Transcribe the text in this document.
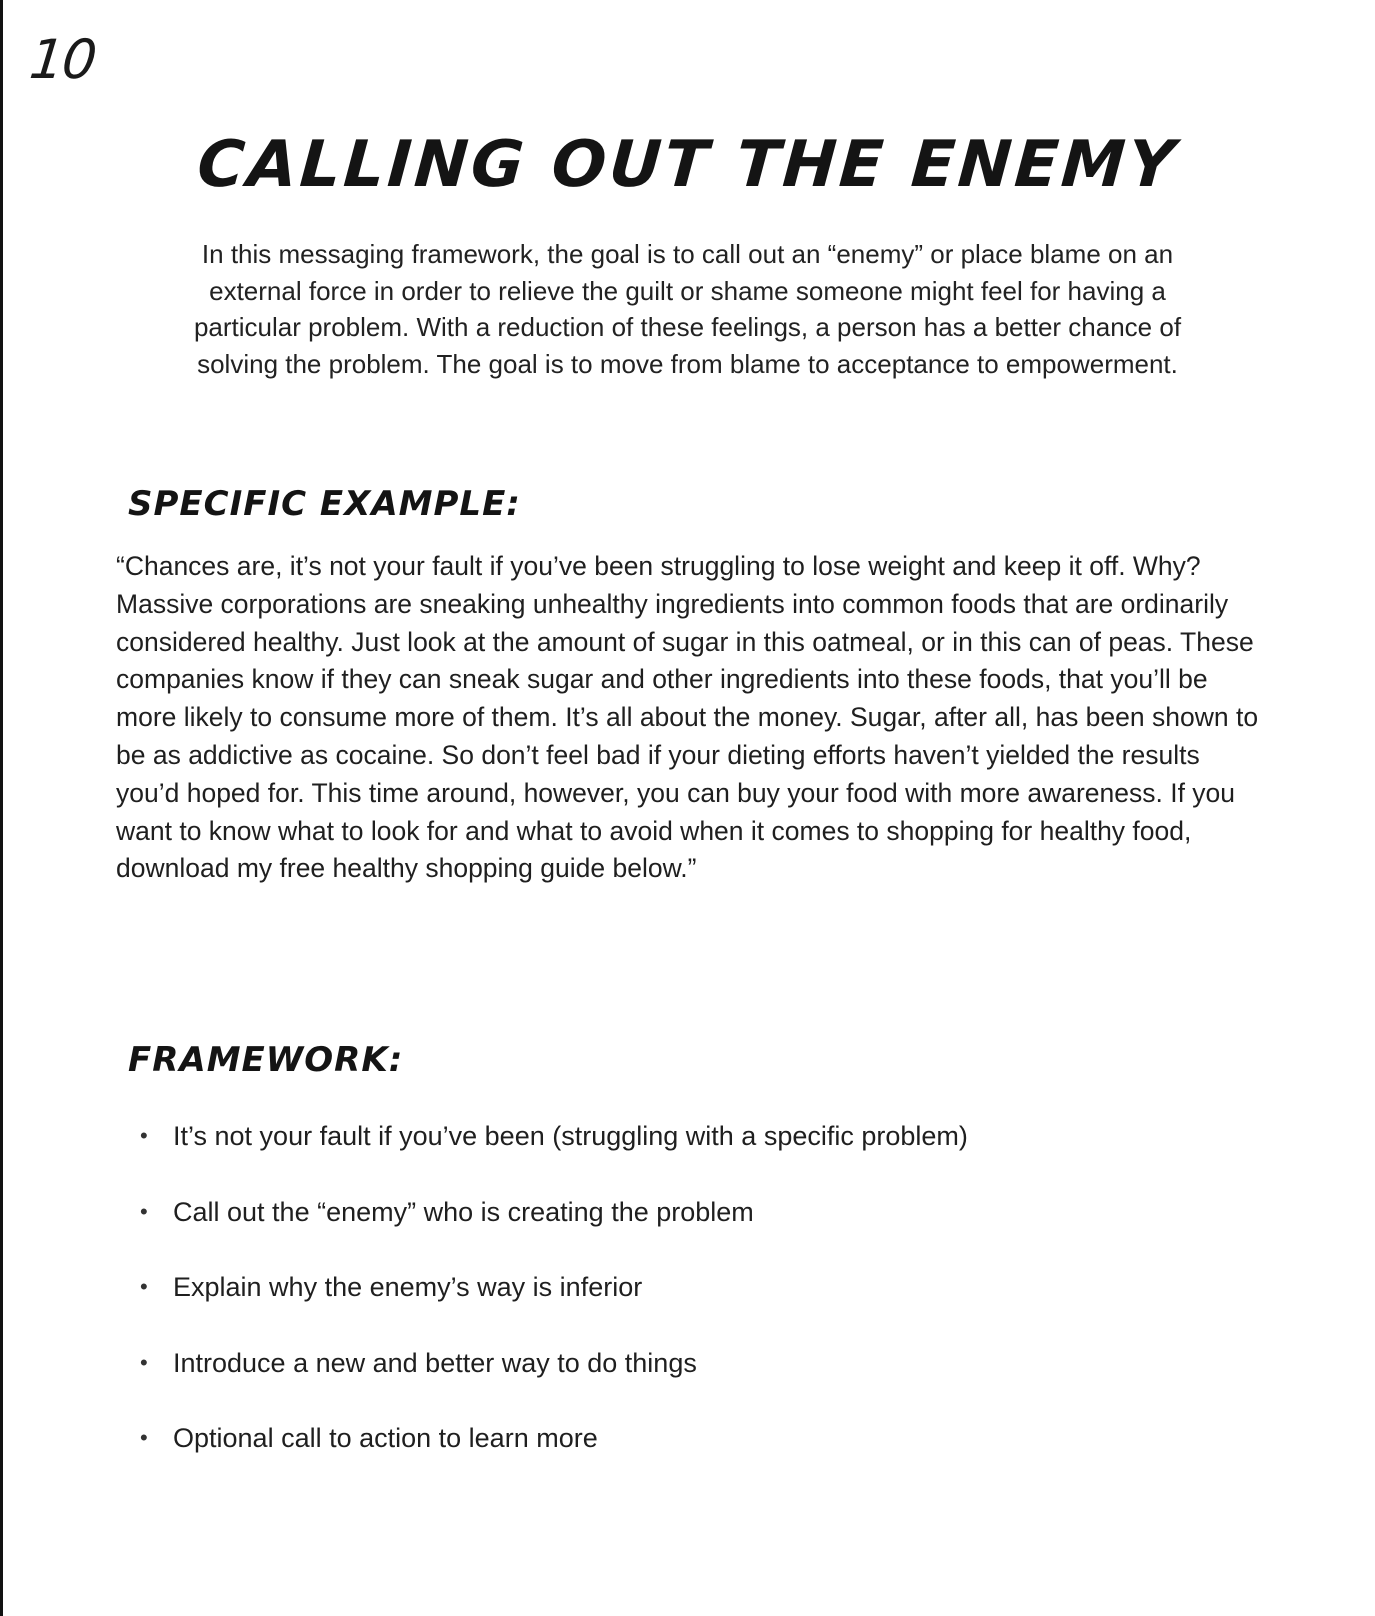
10
CALLING OUT THE ENEMY

In this messaging framework, the goal is to call out an “enemy” or place blame on an external force in order to relieve the guilt or shame someone might feel for having a particular problem. With a reduction of these feelings, a person has a better chance of solving the problem. The goal is to move from blame to acceptance to empowerment.

SPECIFIC EXAMPLE:

“Chances are, it’s not your fault if you’ve been struggling to lose weight and keep it off. Why? Massive corporations are sneaking unhealthy ingredients into common foods that are ordinarily considered healthy. Just look at the amount of sugar in this oatmeal, or in this can of peas. These companies know if they can sneak sugar and other ingredients into these foods, that you’ll be more likely to consume more of them. It’s all about the money. Sugar, after all, has been shown to be as addictive as cocaine. So don’t feel bad if your dieting efforts haven’t yielded the results you’d hoped for. This time around, however, you can buy your food with more awareness. If you want to know what to look for and what to avoid when it comes to shopping for healthy food, download my free healthy shopping guide below.”

FRAMEWORK:
• It’s not your fault if you’ve been (struggling with a specific problem)
• Call out the “enemy” who is creating the problem
• Explain why the enemy’s way is inferior
• Introduce a new and better way to do things
• Optional call to action to learn more
